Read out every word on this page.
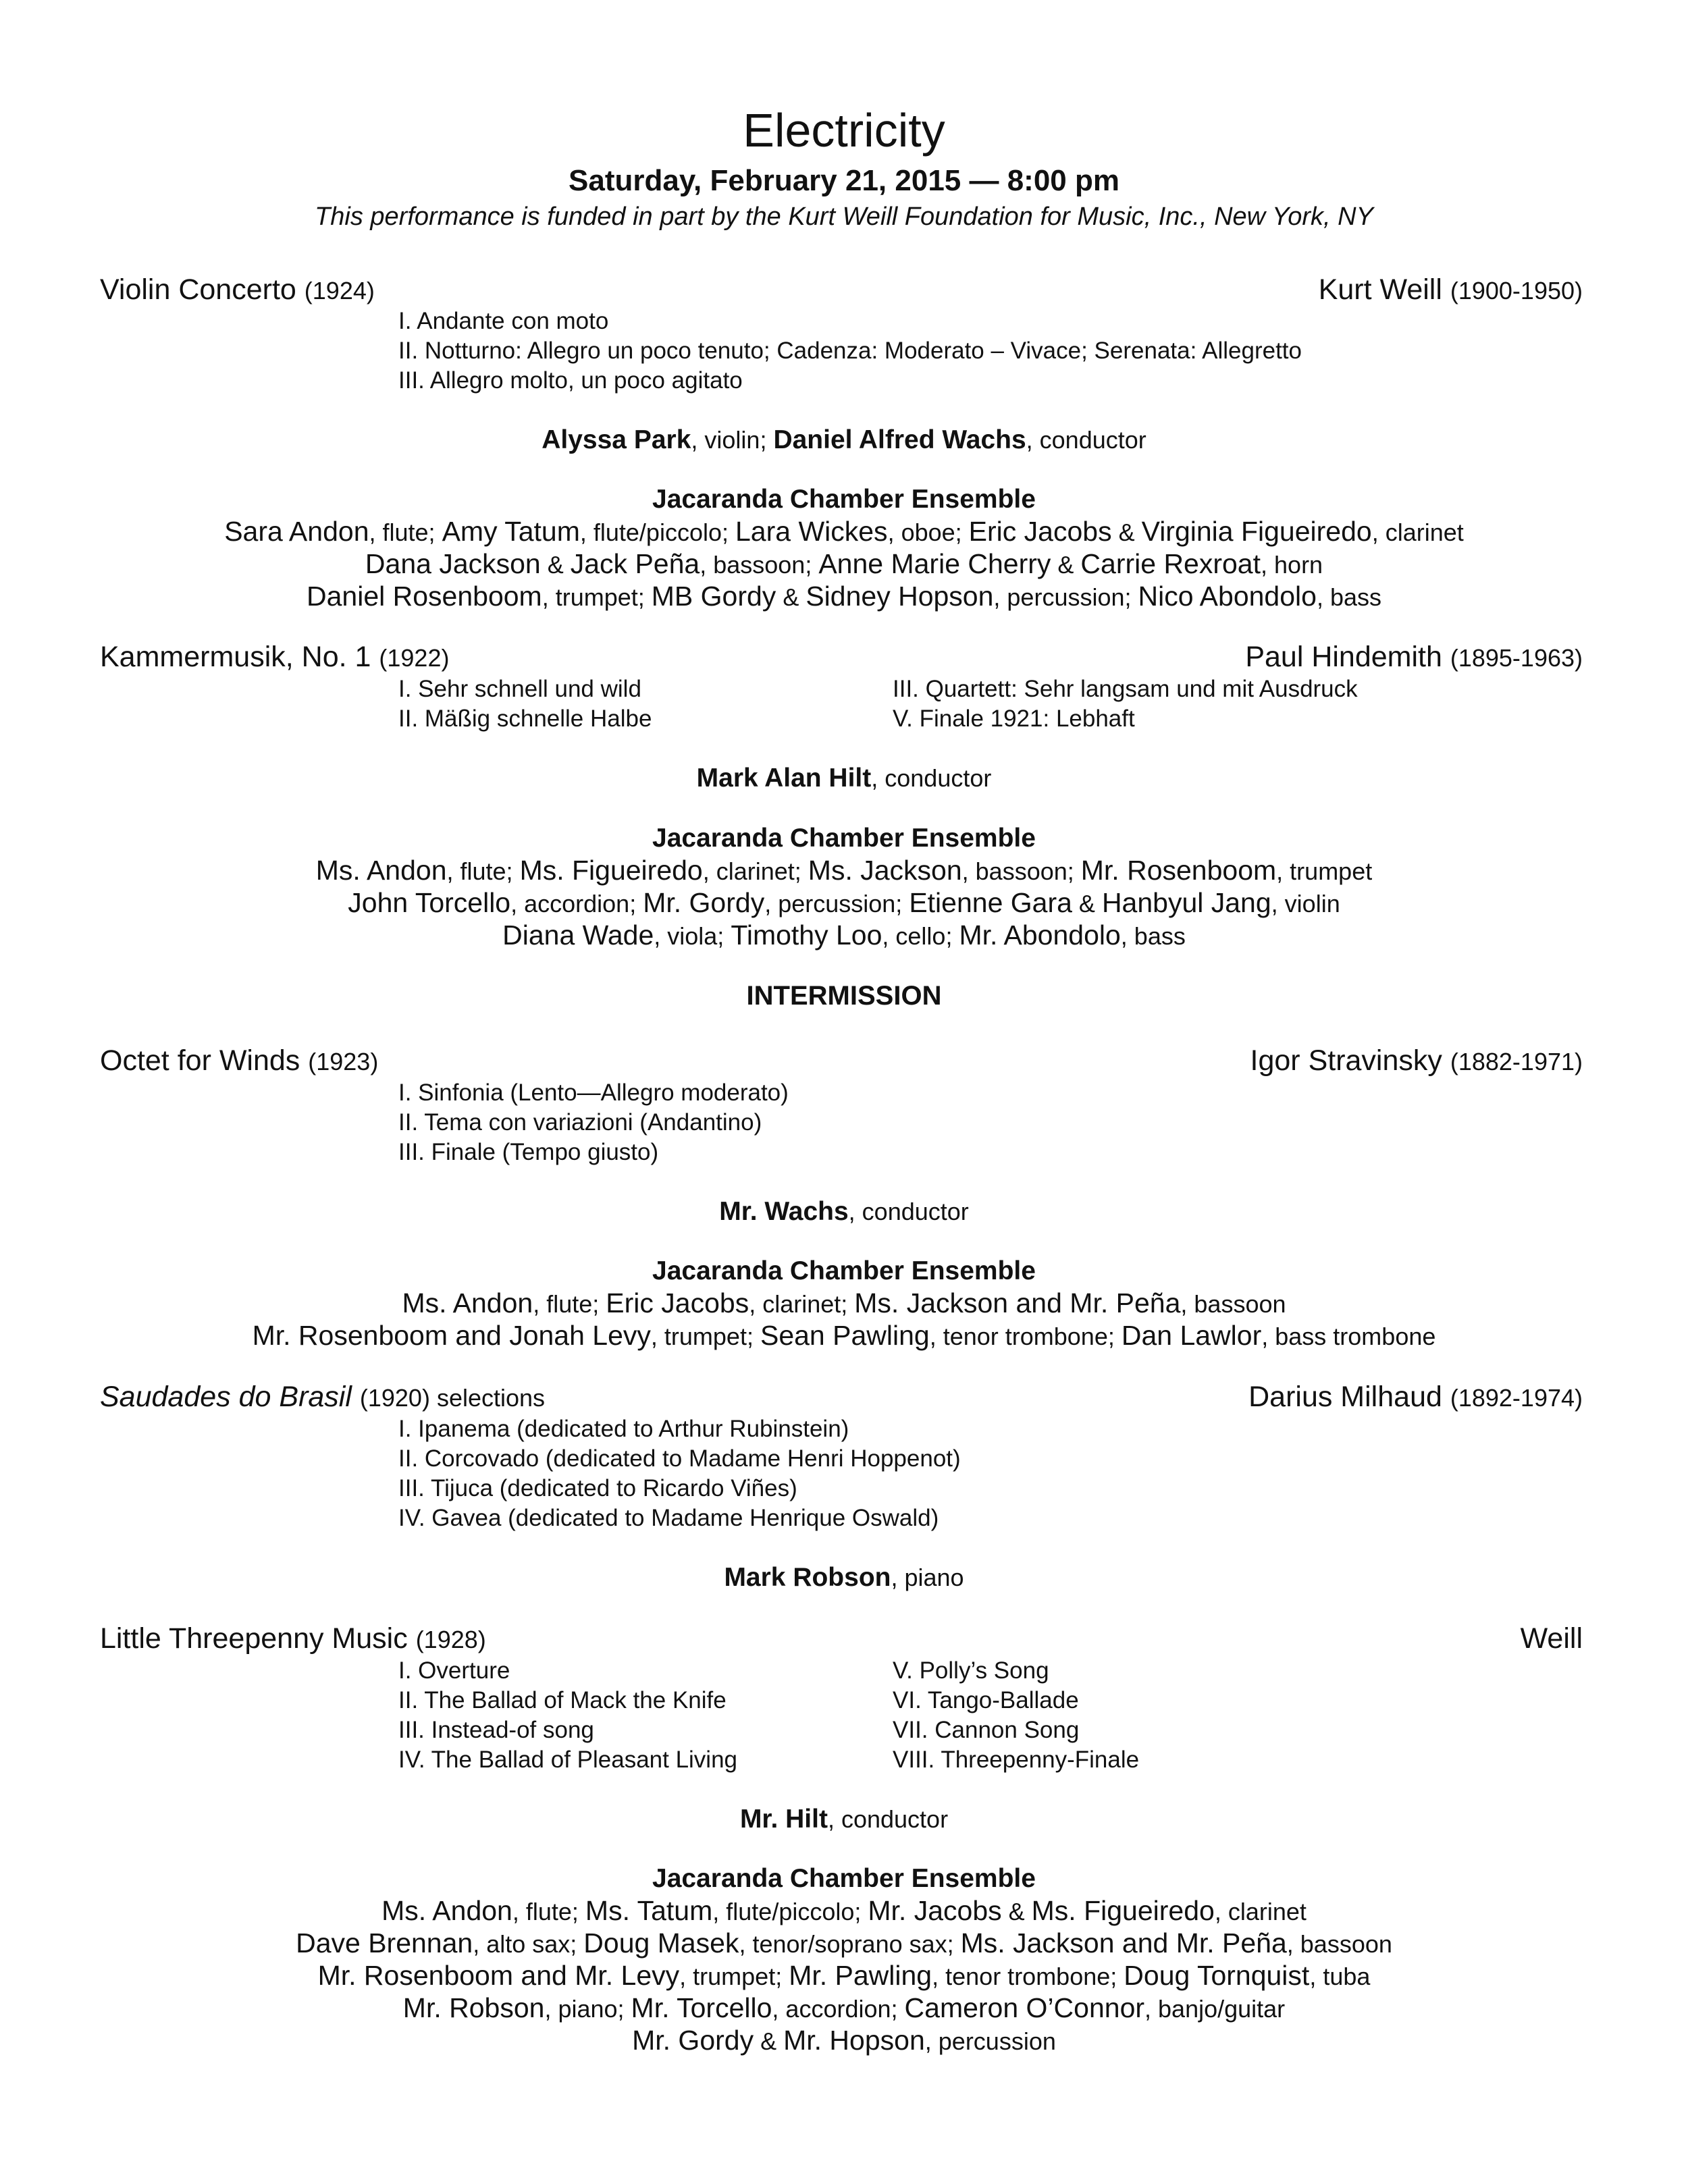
Electricity
Saturday, February 21, 2015 — 8:00 pm
This performance is funded in part by the Kurt Weill Foundation for Music, Inc., New York, NY
Violin Concerto (1924)	Kurt Weill (1900-1950)
I. Andante con moto
II. Notturno: Allegro un poco tenuto; Cadenza: Moderato – Vivace; Serenata: Allegretto
III. Allegro molto, un poco agitato
Alyssa Park, violin; Daniel Alfred Wachs, conductor
Jacaranda Chamber Ensemble
Sara Andon, flute; Amy Tatum, flute/piccolo; Lara Wickes, oboe; Eric Jacobs & Virginia Figueiredo, clarinet
Dana Jackson & Jack Peña, bassoon; Anne Marie Cherry & Carrie Rexroat, horn
Daniel Rosenboom, trumpet; MB Gordy & Sidney Hopson, percussion; Nico Abondolo, bass
Kammermusik, No. 1 (1922)	Paul Hindemith (1895-1963)
I. Sehr schnell und wild
II. Mäßig schnelle Halbe
III. Quartett: Sehr langsam und mit Ausdruck
V. Finale 1921: Lebhaft
Mark Alan Hilt, conductor
Jacaranda Chamber Ensemble
Ms. Andon, flute; Ms. Figueiredo, clarinet; Ms. Jackson, bassoon; Mr. Rosenboom, trumpet
John Torcello, accordion; Mr. Gordy, percussion; Etienne Gara & Hanbyul Jang, violin
Diana Wade, viola; Timothy Loo, cello; Mr. Abondolo, bass
INTERMISSION
Octet for Winds (1923)	Igor Stravinsky (1882-1971)
I. Sinfonia (Lento—Allegro moderato)
II. Tema con variazioni (Andantino)
III. Finale (Tempo giusto)
Mr. Wachs, conductor
Jacaranda Chamber Ensemble
Ms. Andon, flute; Eric Jacobs, clarinet; Ms. Jackson and Mr. Peña, bassoon
Mr. Rosenboom and Jonah Levy, trumpet; Sean Pawling, tenor trombone; Dan Lawlor, bass trombone
Saudades do Brasil (1920) selections	Darius Milhaud (1892-1974)
I. Ipanema (dedicated to Arthur Rubinstein)
II. Corcovado (dedicated to Madame Henri Hoppenot)
III. Tijuca (dedicated to Ricardo Viñes)
IV. Gavea (dedicated to Madame Henrique Oswald)
Mark Robson, piano
Little Threepenny Music (1928)	Weill
I. Overture
II. The Ballad of Mack the Knife
III. Instead-of song
IV. The Ballad of Pleasant Living
V. Polly’s Song
VI. Tango-Ballade
VII. Cannon Song
VIII. Threepenny-Finale
Mr. Hilt, conductor
Jacaranda Chamber Ensemble
Ms. Andon, flute; Ms. Tatum, flute/piccolo; Mr. Jacobs & Ms. Figueiredo, clarinet
Dave Brennan, alto sax; Doug Masek, tenor/soprano sax; Ms. Jackson and Mr. Peña, bassoon
Mr. Rosenboom and Mr. Levy, trumpet; Mr. Pawling, tenor trombone; Doug Tornquist, tuba
Mr. Robson, piano; Mr. Torcello, accordion; Cameron O’Connor, banjo/guitar
Mr. Gordy & Mr. Hopson, percussion
